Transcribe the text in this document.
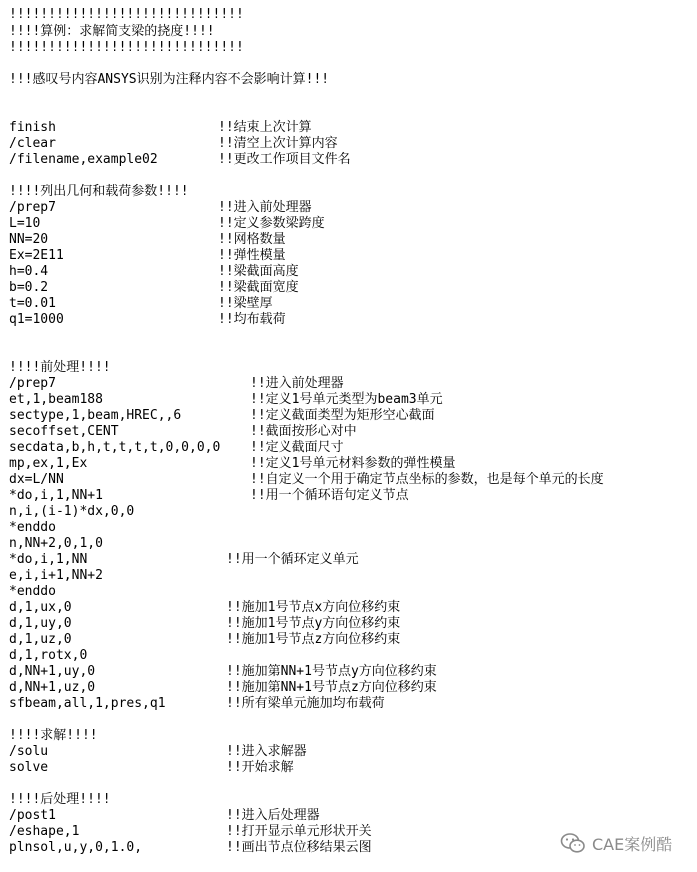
!!!!!!!!!!!!!!!!!!!!!!!!!!!!!!
!!!!算例：求解简支梁的挠度!!!!
!!!!!!!!!!!!!!!!!!!!!!!!!!!!!!
!!!感叹号内容ANSYS识别为注释内容不会影响计算!!!
finish	!!结束上次计算
/clear	!!清空上次计算内容
/filename,example02	!!更改工作项目文件名
!!!!列出几何和载荷参数!!!!
/prep7	!!进入前处理器
L=10	!!定义参数梁跨度
NN=20	!!网格数量
Ex=2E11	!!弹性模量
h=0.4	!!梁截面高度
b=0.2	!!梁截面宽度
t=0.01	!!梁壁厚
q1=1000	!!均布载荷
!!!!前处理!!!!
/prep7	!!进入前处理器
et,1,beam188	!!定义1号单元类型为beam3单元
sectype,1,beam,HREC,,6	!!定义截面类型为矩形空心截面
secoffset,CENT	!!截面按形心对中
secdata,b,h,t,t,t,t,0,0,0,0 !!定义截面尺寸
mp,ex,1,Ex	!!定义1号单元材料参数的弹性模量
dx=L/NN	!!自定义一个用于确定节点坐标的参数，也是每个单元的长度
*do,i,1,NN+1	!!用一个循环语句定义节点
n,i,(i-1)*dx,0,0
*enddo
n,NN+2,0,1,0
*do,i,1,NN	!!用一个循环定义单元
e,i,i+1,NN+2
*enddo
d,1,ux,0	!!施加1号节点x方向位移约束
d,1,uy,0	!!施加1号节点y方向位移约束
d,1,uz,0	!!施加1号节点z方向位移约束
d,1,rotx,0
d,NN+1,uy,0	!!施加第NN+1号节点y方向位移约束
d,NN+1,uz,0	!!施加第NN+1号节点z方向位移约束
sfbeam,all,1,pres,q1	!!所有梁单元施加均布载荷
!!!!求解!!!!
/solu	!!进入求解器
solve	!!开始求解
!!!!后处理!!!!
/post1	!!进入后处理器
/eshape,1	!!打开显示单元形状开关
plnsol,u,y,0,1.0,	!!画出节点位移结果云图	CAE案例酷
